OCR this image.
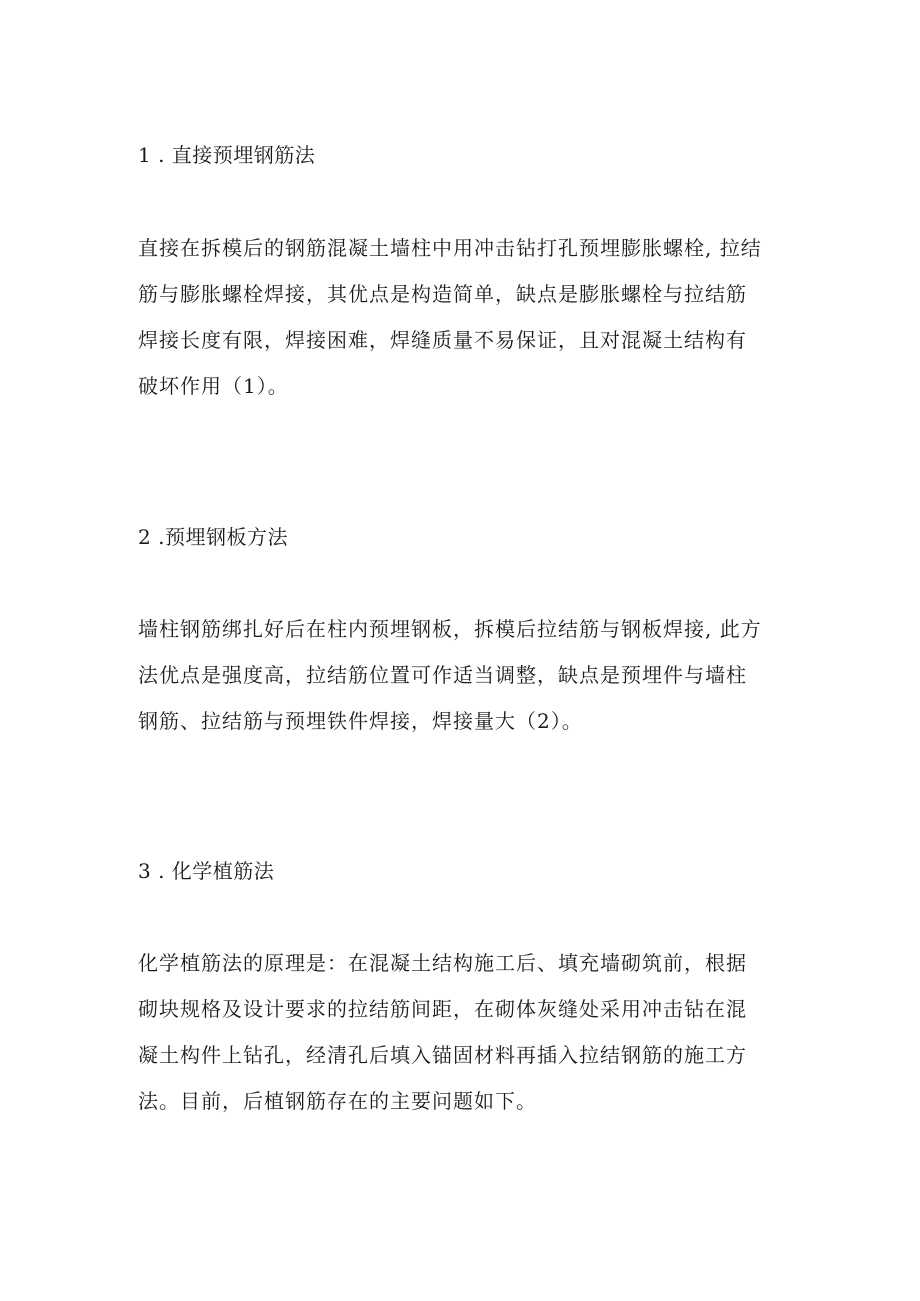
1 . 直接预埋钢筋法
直接在拆模后的钢筋混凝土墙柱中用冲击钻打孔预埋膨胀螺栓, 拉结
筋与膨胀螺栓焊接，其优点是构造简单，缺点是膨胀螺栓与拉结筋
焊接长度有限，焊接困难，焊缝质量不易保证，且对混凝土结构有
破坏作用（1）。
2 .预埋钢板方法
墙柱钢筋绑扎好后在柱内预埋钢板，拆模后拉结筋与钢板焊接, 此方
法优点是强度高，拉结筋位置可作适当调整，缺点是预埋件与墙柱
钢筋、拉结筋与预埋铁件焊接，焊接量大（2）。
3 . 化学植筋法
化学植筋法的原理是：在混凝土结构施工后、填充墙砌筑前，根据
砌块规格及设计要求的拉结筋间距，在砌体灰缝处采用冲击钻在混
凝土构件上钻孔，经清孔后填入锚固材料再插入拉结钢筋的施工方
法。目前，后植钢筋存在的主要问题如下。
